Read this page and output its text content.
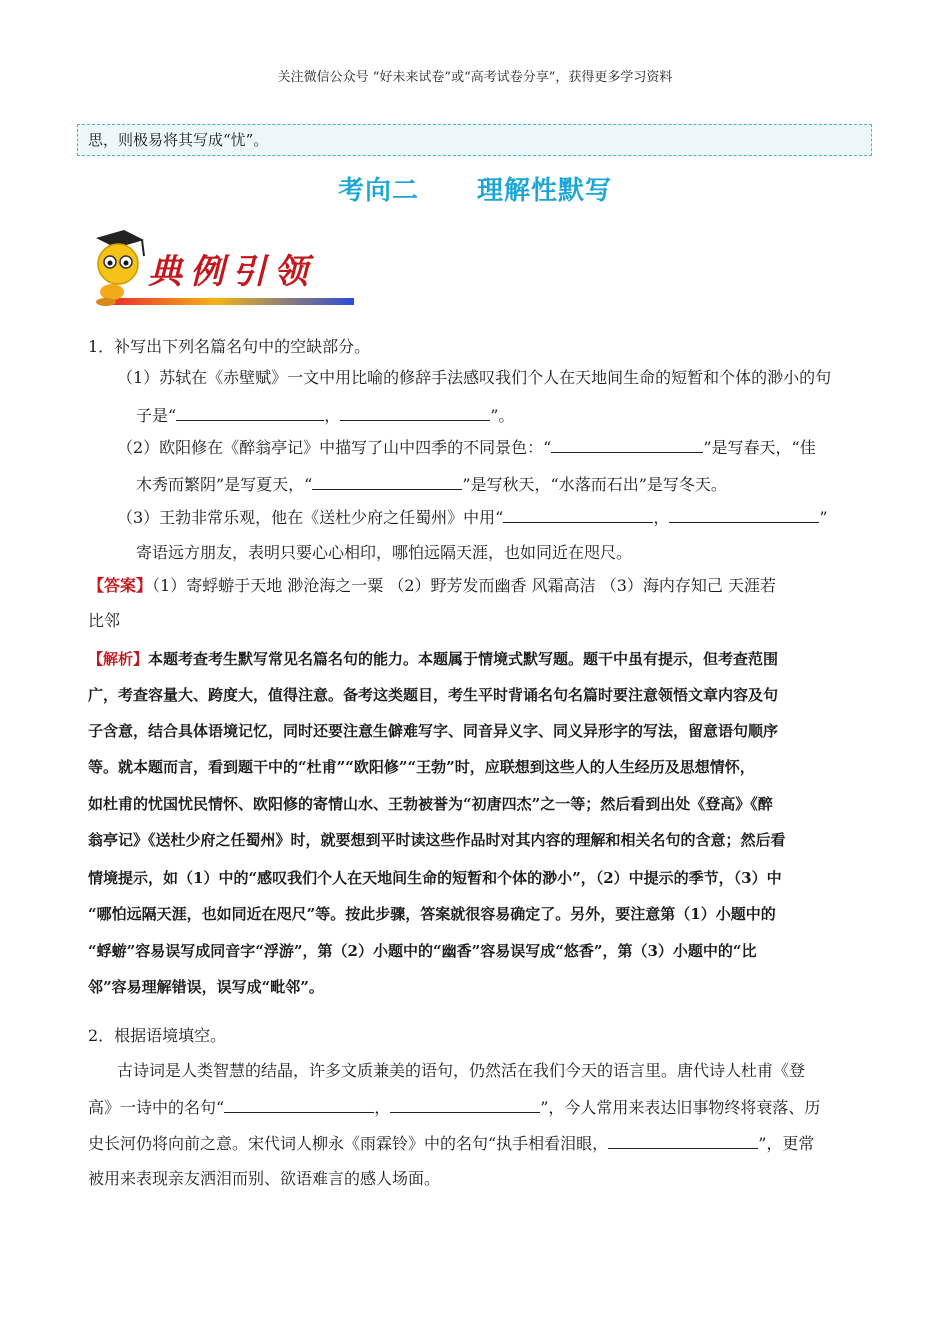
关注微信公众号 “好未来试卷”或“高考试卷分享”，获得更多学习资料
思，则极易将其写成“忧”。
考向二 理解性默写
典例引领
1．补写出下列名篇名句中的空缺部分。
（1）苏轼在《赤壁赋》一文中用比喻的修辞手法感叹我们个人在天地间生命的短暂和个体的渺小的句
子是“	，	”。
（2）欧阳修在《醉翁亭记》中描写了山中四季的不同景色：“	”是写春天，“佳
木秀而繁阴”是写夏天，“	”是写秋天，“水落而石出”是写冬天。
（3）王勃非常乐观，他在《送杜少府之任蜀州》中用“	，	”
寄语远方朋友，表明只要心心相印，哪怕远隔天涯，也如同近在咫尺。
【答案】（1）寄蜉蝣于天地 渺沧海之一粟 （2）野芳发而幽香 风霜高洁 （3）海内存知己 天涯若
比邻
【解析】本题考查考生默写常见名篇名句的能力。本题属于情境式默写题。题干中虽有提示，但考查范围
广，考查容量大、跨度大，值得注意。备考这类题目，考生平时背诵名句名篇时要注意领悟文章内容及句
子含意，结合具体语境记忆，同时还要注意生僻难写字、同音异义字、同义异形字的写法，留意语句顺序
等。就本题而言，看到题干中的“杜甫”“欧阳修”“王勃”时，应联想到这些人的人生经历及思想情怀，
如杜甫的忧国忧民情怀、欧阳修的寄情山水、王勃被誉为“初唐四杰”之一等；然后看到出处《登高》《醉
翁亭记》《送杜少府之任蜀州》时，就要想到平时读这些作品时对其内容的理解和相关名句的含意；然后看
情境提示，如（1）中的“感叹我们个人在天地间生命的短暂和个体的渺小”，（2）中提示的季节，（3）中
“哪怕远隔天涯，也如同近在咫尺”等。按此步骤，答案就很容易确定了。另外，要注意第（1）小题中的
“蜉蝣”容易误写成同音字“浮游”，第（2）小题中的“幽香”容易误写成“悠香”，第（3）小题中的“比
邻”容易理解错误，误写成“毗邻”。
2．根据语境填空。
古诗词是人类智慧的结晶，许多文质兼美的语句，仍然活在我们今天的语言里。唐代诗人杜甫《登
高》一诗中的名句“	，	”，今人常用来表达旧事物终将衰落、历
史长河仍将向前之意。宋代词人柳永《雨霖铃》中的名句“执手相看泪眼，	”，更常
被用来表现亲友洒泪而别、欲语难言的感人场面。
